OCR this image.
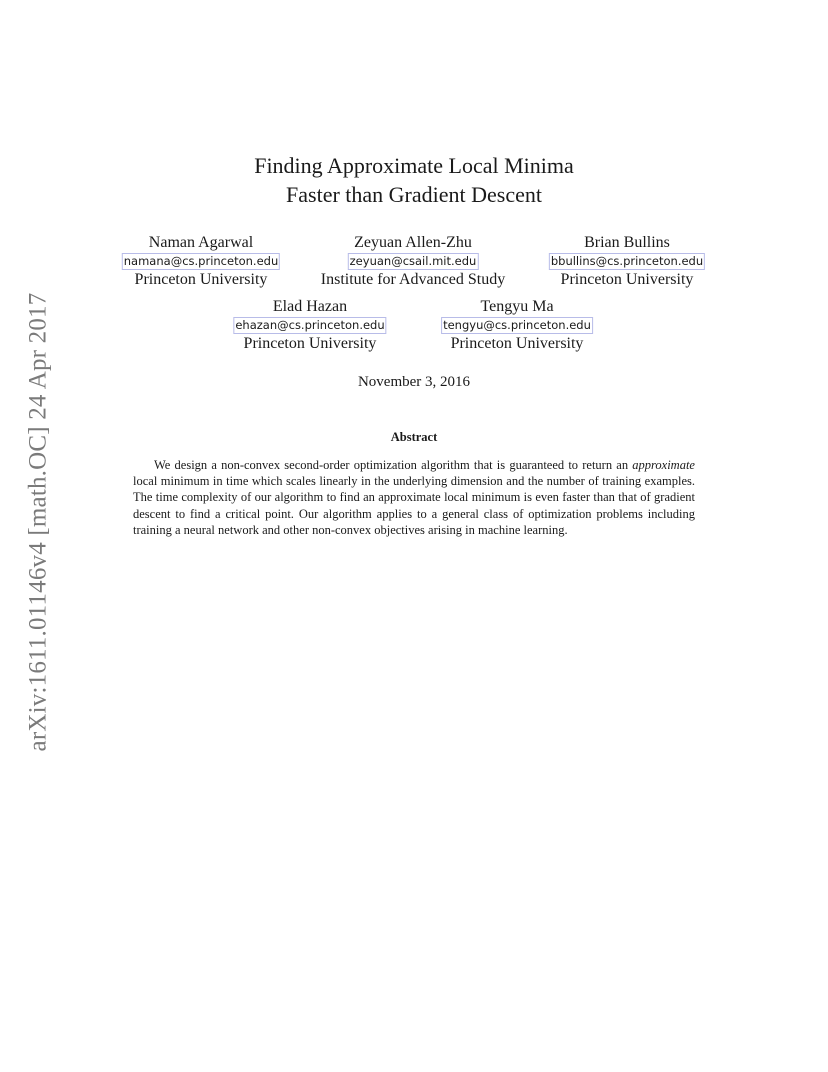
arXiv:1611.01146v4 [math.OC] 24 Apr 2017
Finding Approximate Local Minima
Faster than Gradient Descent
Naman Agarwal
namana@cs.princeton.edu
Princeton University
Zeyuan Allen-Zhu
zeyuan@csail.mit.edu
Institute for Advanced Study
Brian Bullins
bbullins@cs.princeton.edu
Princeton University
Elad Hazan
ehazan@cs.princeton.edu
Princeton University
Tengyu Ma
tengyu@cs.princeton.edu
Princeton University
November 3, 2016
Abstract

We design a non-convex second-order optimization algorithm that is guaranteed to return an approximate local minimum in time which scales linearly in the underlying dimension and the number of training examples. The time complexity of our algorithm to find an approximate local minimum is even faster than that of gradient descent to find a critical point. Our algorithm applies to a general class of optimization problems including training a neural network and other non-convex objectives arising in machine learning.
